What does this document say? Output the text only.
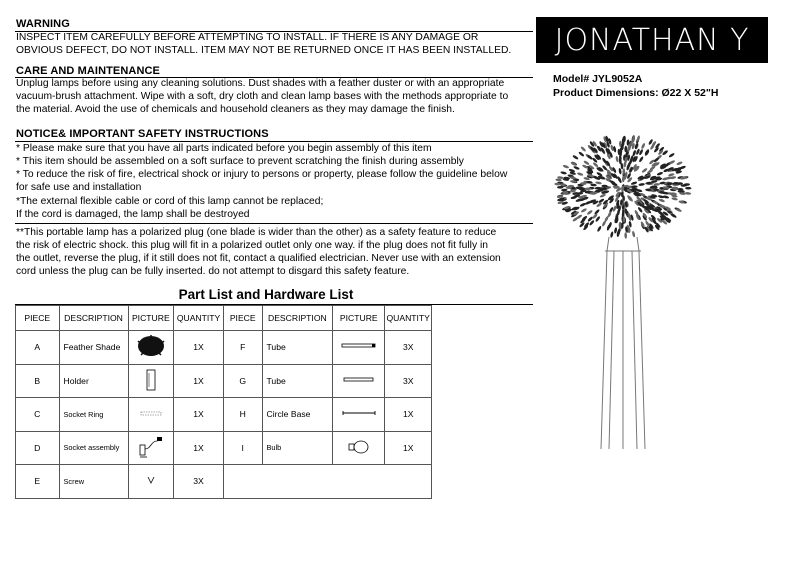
WARNING
INSPECT ITEM CAREFULLY BEFORE ATTEMPTING TO INSTALL. IF THERE IS ANY DAMAGE OR
OBVIOUS DEFECT, DO NOT INSTALL. ITEM MAY NOT BE RETURNED ONCE IT HAS BEEN INSTALLED.
CARE AND MAINTENANCE
Unplug lamps before using any cleaning solutions. Dust shades with a feather duster or with an appropriate
vacuum-brush attachment. Wipe with a soft, dry cloth and clean lamp bases with the methods appropriate to
the material. Avoid the use of chemicals and household cleaners as they may damage the finish.
NOTICE& IMPORTANT SAFETY INSTRUCTIONS
* Please make sure that you have all parts indicated before you begin assembly of this item
* This item should be assembled on a soft surface to prevent scratching the finish during assembly
* To reduce the risk of fire, electrical shock or injury to persons or property, please follow the guideline below
for safe use and installation
*The external flexible cable or cord of this lamp cannot be replaced;
If the cord is damaged, the lamp shall be destroyed
**This portable lamp has a polarized plug (one blade is wider than the other) as a safety feature to reduce
the risk of electric shock. this plug will fit in a polarized outlet only one way. if the plug does not fit fully in
the outlet, reverse the plug, if it still does not fit, contact a qualified electrician. Never use with an extension
cord unless the plug can be fully inserted. do not attempt to disgard this safety feature.
JONATHAN Y
Model# JYL9052A
Product Dimensions: Ø22 X 52"H
Part List and Hardware List
PIECE	DESCRIPTION	PICTURE	QUANTITY	PIECE	DESCRIPTION	PICTURE	QUANTITY
A	Feather Shade		1X	F	Tube		3X
B	Holder		1X	G	Tube		3X
C	Socket Ring		1X	H	Circle Base		1X
D	Socket assembly		1X	I	Bulb		1X
E	Screw		3X				
